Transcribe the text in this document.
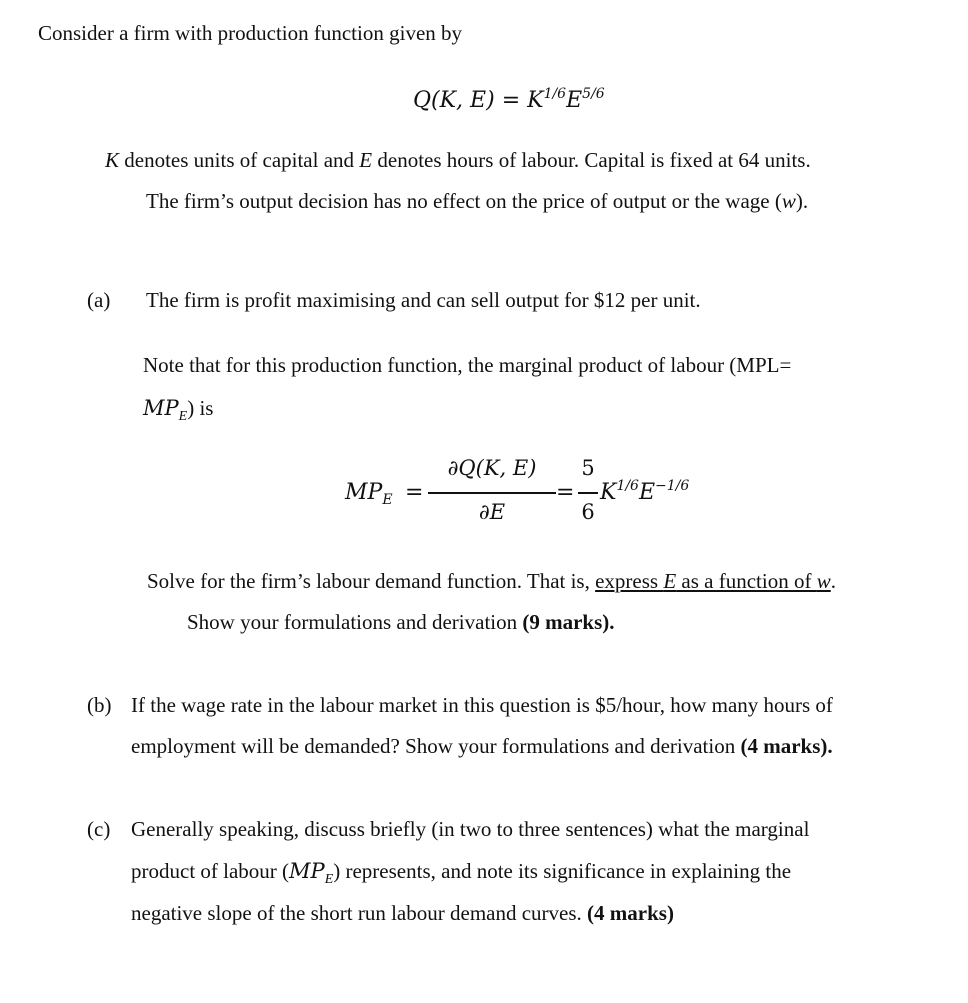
Consider a firm with production function given by
Q(K, $E) = K^{1/6}E^{5/6}$
K denotes units of capital and E denotes hours of labour. Capital is fixed at 64 units.
The firm’s output decision has no effect on the price of output or the wage (w).
(a) The firm is profit maximising and can sell output for $12 per unit.
Note that for this production function, the marginal product of labour (MPL=
$MP_E$) is
$MP_E$ =
∂Q(K, E)
∂E
=
5
6
$K^{1/6}E^{-1/6}$
Solve for the firm’s labour demand function. That is, express E as a function of w.
Show your formulations and derivation (9 marks).
(b) If the wage rate in the labour market in this question is $5/hour, how many hours of
employment will be demanded? Show your formulations and derivation (4 marks).
(c) Generally speaking, discuss briefly (in two to three sentences) what the marginal
product of labour $(MP_E)$ represents, and note its significance in explaining the
negative slope of the short run labour demand curves. (4 marks)
